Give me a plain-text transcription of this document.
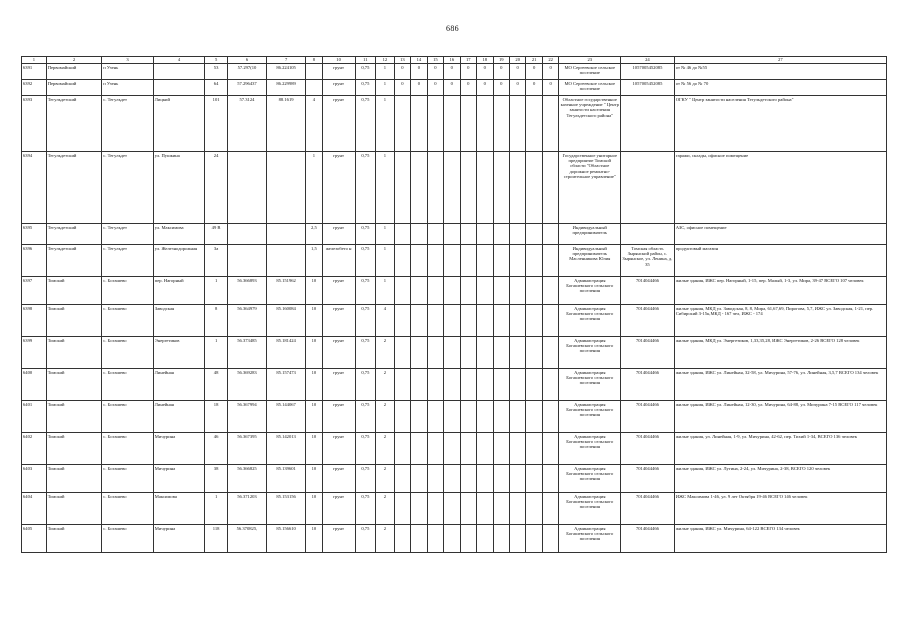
686
1	2	3	4	5	6	7	8	10	11	12	13	14	15	16	17	18	19	20	21	22	23	24	27
6391	Первомайский	п Узень		53	57.297(10	86.224105		грунт	0,75	1	0	0	0	0	0	0	0	0	0	0	МО Сергеевское сельское поселение	1057005452085	от № 46 до №55
6392	Первомайский	п Узень		64	57.296437	86.229989		грунт	0,75	1	0	0	0	0	0	0	0	0	0	0	МО Сергеевское сельское поселение	1057005452085	от № 56 до № 70
6393	Тегульдетский	с. Тегульдет	Лицкий	101	57.3124	88.1619	4	грунт	0,75	1											Областное государственное казенное учреждение " Центр занятости населения Тегульдетского района"		ОГКУ " Центр занятости населения Тегульдетского района"
6394	Тегульдетский	с. Тегульдет	ул. Пушкина	24			1	грунт	0,75	1											Государственное унитарное предприятие Томской области "Областное дорожное ремонтно-строительное управление"		гаражи, склады, офисное помещение
6395	Тегульдетский	с. Тегульдет	ул. Максимова	49 В			2,5	грунт	0,75	1											Индивидуальный предприниматель		АЗС, офисное помещение
6396	Тегульдетский	с. Тегульдет	ул. Железнодорожная	3а			1,5	железобето н	0,75	1											Индивидуальный предприниматель Масленникова Юлия	Томская область Зырянский район, с. Зырянское, ул. Ленина, д. 35	продуктовый магазин
6397	Томский	с. Богашево	пер. Нагорный	1	56.366893	85.151962	10	грунт	0,75	1											Администрация Богашевского сельского поселения	7014044466	жилые здания, ИЖС пер. Нагорный, 1-15, пер. Малый, 1-3, ул. Мира, 39-47 ВСЕГО 107 человек
6398	Томский	с. Богашево	Заводская	8	56.364979	85.160084	10	грунт	0,75	4											Администрация Богашевского сельского поселения	7014044466	жилые здания, МКД ул. Заводская, 8, 8, Мира, 61,67,69, Пирогова, 5,7, ИЖС ул. Заводская, 1-21, пер. Сибирский 3-15к,МКД - 167 чел, ИЖС - 174
6399	Томский	с. Богашево	Энергетиков	1	56.373485	85.181424	10	грунт	0,75	2											Администрация Богашевского сельского поселения	7014044466	жилые здания, МКД ул. Энергетиков, 1,33,35,28, ИЖС Энергетиков, 2-26 ВСЕГО 128 человек
6400	Томский	с. Богашево	Линейная	48	56.369283	85.157473	10	грунт	0,75	2											Администрация Богашевского сельского поселения	7014044466	жилые здания, ИЖС ул. Линейная, 32-58, ул. Мичурина, 57-76, ул. Линейная, 3,5,7 ВСЕГО 134 человек
6401	Томский	с. Богашево	Линейная	18	56.367994	85.144067	10	грунт	0,75	2											Администрация Богашевского сельского поселения	7014044466	жилые здания, ИЖС ул. Линейная, 12-30, ул. Мичурина, 64-88, ул. Мичурина 7-15 ВСЕГО 117 человек
6402	Томский	с. Богашево	Мичурина	46	56.367395	85.142013	10	грунт	0,75	2											Администрация Богашевского сельского поселения	7014044466	жилые здания, ул. Линейная, 1-9, ул. Мичурина, 42-62, пер. Тихий 1-34, ВСЕГО 136 человек
6403	Томский	с. Богашево	Мичурина	38	56.366825	85.139601	10	грунт	0,75	2											Администрация Богашевского сельского поселения	7014044466	жилые здания, ИЖС ул. Лугина, 2-24, ул. Мичурина, 2-38, ВСЕГО 120 человек
6404	Томский	с. Богашево	Максимова	1	56.371203	85.153156	10	грунт	0,75	2											Администрация Богашевского сельского поселения	7014044466	ИЖС Максимова 1-46, ул. 9 лет Октября 19-46 ВСЕГО 146 человек
6405	Томский	с. Богашево	Мичурина	118	56.370825,	85.156610	10	грунт	0,75	2											Администрация Богашевского сельского поселения	7014044466	жилые здания, ИЖС ул. Мичурина, 64-122 ВСЕГО 134 человек
